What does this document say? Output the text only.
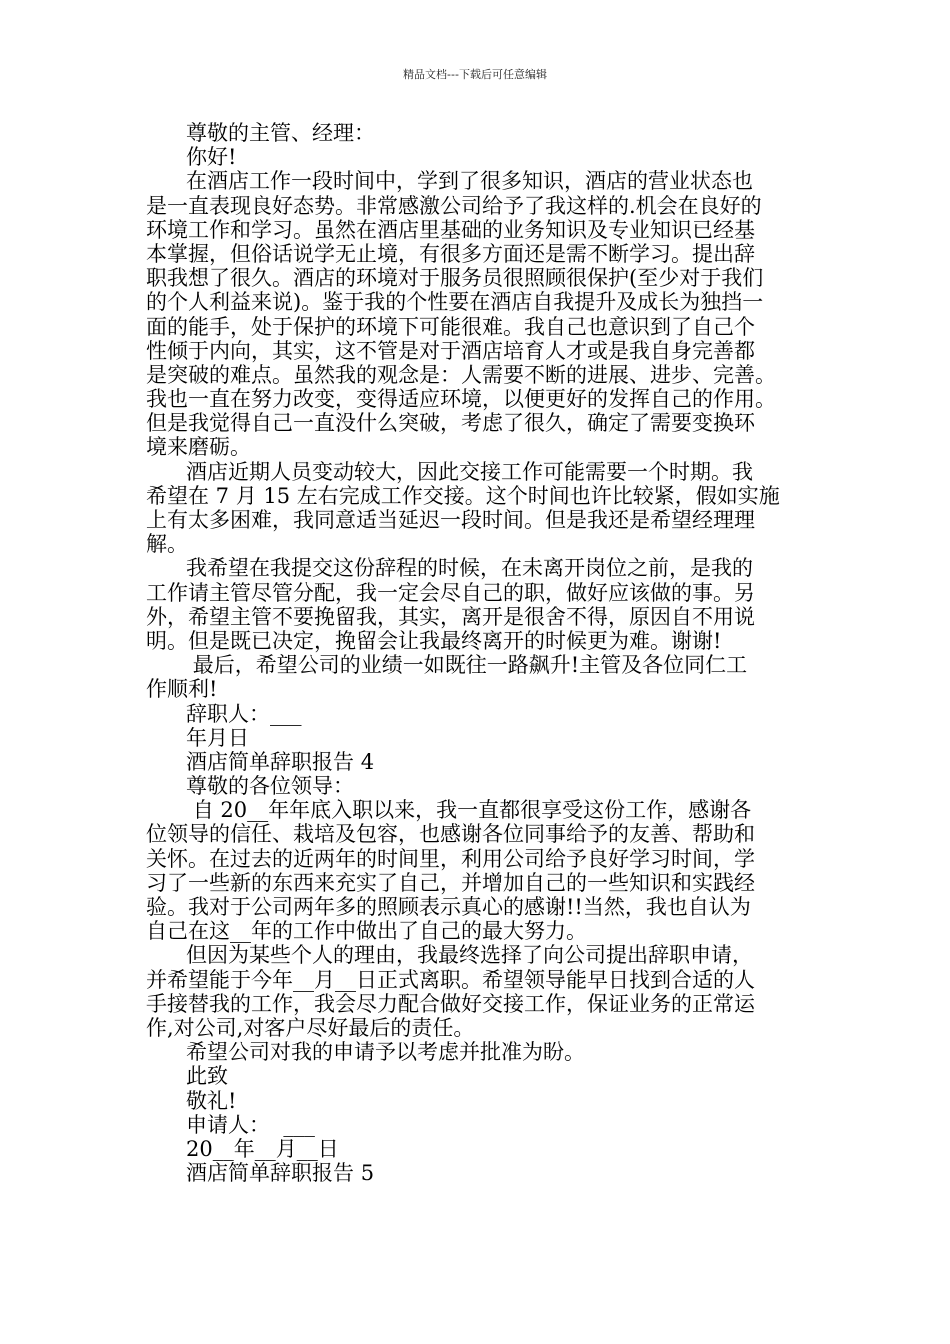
精品文档---下载后可任意编辑
尊敬的主管、经理：
你好!
在酒店工作一段时间中，学到了很多知识，酒店的营业状态也
是一直表现良好态势。非常感激公司给予了我这样的.机会在良好的
环境工作和学习。虽然在酒店里基础的业务知识及专业知识已经基
本掌握，但俗话说学无止境，有很多方面还是需不断学习。提出辞
职我想了很久。酒店的环境对于服务员很照顾很保护(至少对于我们
的个人利益来说)。鉴于我的个性要在酒店自我提升及成长为独挡一
面的能手，处于保护的环境下可能很难。我自己也意识到了自己个
性倾于内向，其实，这不管是对于酒店培育人才或是我自身完善都
是突破的难点。虽然我的观念是：人需要不断的进展、进步、完善。
我也一直在努力改变，变得适应环境，以便更好的发挥自己的作用。
但是我觉得自己一直没什么突破，考虑了很久，确定了需要变换环
境来磨砺。
酒店近期人员变动较大，因此交接工作可能需要一个时期。我
希望在 7 月 15 左右完成工作交接。这个时间也许比较紧，假如实施
上有太多困难，我同意适当延迟一段时间。但是我还是希望经理理
解。
我希望在我提交这份辞程的时候，在未离开岗位之前，是我的
工作请主管尽管分配，我一定会尽自己的职，做好应该做的事。另
外，希望主管不要挽留我，其实，离开是很舍不得，原因自不用说
明。但是既已决定，挽留会让我最终离开的时候更为难。谢谢!
最后，希望公司的业绩一如既往一路飙升!主管及各位同仁工
作顺利!
辞职人：___
年月日
酒店简单辞职报告 4
尊敬的各位领导：
自 20__年年底入职以来，我一直都很享受这份工作，感谢各
位领导的信任、栽培及包容，也感谢各位同事给予的友善、帮助和
关怀。在过去的近两年的时间里，利用公司给予良好学习时间，学
习了一些新的东西来充实了自己，并增加自己的一些知识和实践经
验。我对于公司两年多的照顾表示真心的感谢!!当然，我也自认为
自己在这__年的工作中做出了自己的最大努力。
但因为某些个人的理由，我最终选择了向公司提出辞职申请，
并希望能于今年__月__日正式离职。希望领导能早日找到合适的人
手接替我的工作，我会尽力配合做好交接工作，保证业务的正常运
作,对公司,对客户尽好最后的责任。
希望公司对我的申请予以考虑并批准为盼。
此致
敬礼!
申请人：  ___
20__年__月__日
酒店简单辞职报告 5
